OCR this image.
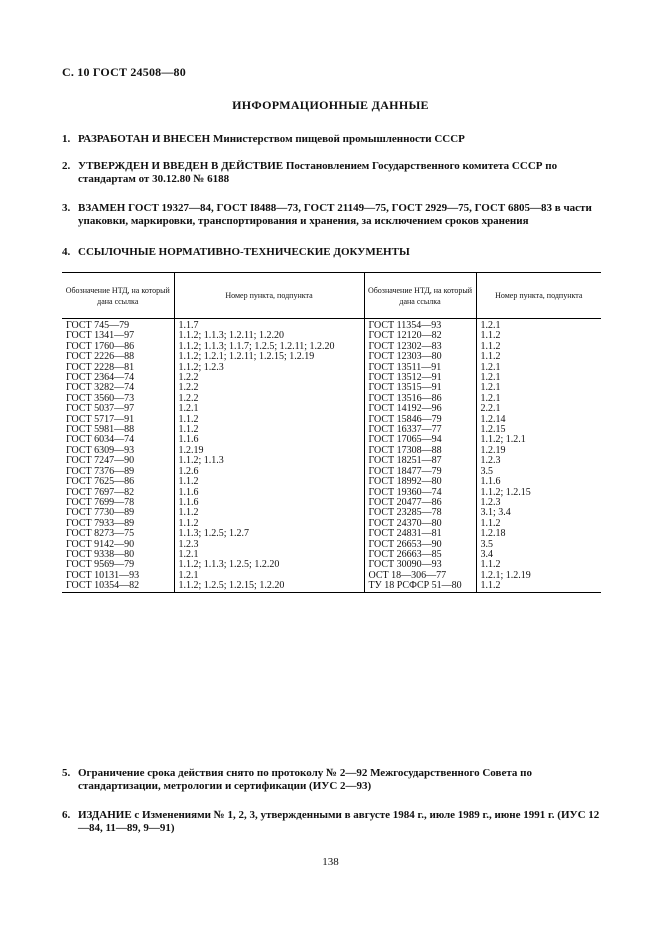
С. 10 ГОСТ 24508—80
ИНФОРМАЦИОННЫЕ ДАННЫЕ
1. РАЗРАБОТАН И ВНЕСЕН Министерством пищевой промышленности СССР
2. УТВЕРЖДЕН И ВВЕДЕН В ДЕЙСТВИЕ Постановлением Государственного комитета СССР по стандартам от 30.12.80 № 6188
3. ВЗАМЕН ГОСТ 19327—84, ГОСТ І8488—73, ГОСТ 21149—75, ГОСТ 2929—75, ГОСТ 6805—83 в части упаковки, маркировки, транспортирования и хранения, за исключением сроков хранения
4. ССЫЛОЧНЫЕ НОРМАТИВНО-ТЕХНИЧЕСКИЕ ДОКУМЕНТЫ
Обозначение НТД, на который дана ссылка	Номер пункта, подпункта	Обозначение НТД, на который дана ссылка	Номер пункта, подпункта
ГОСТ 745—79	1.1.7	ГОСТ 11354—93	1.2.1
ГОСТ 1341—97	1.1.2; 1.1.3; 1.2.11; 1.2.20	ГОСТ 12120—82	1.1.2
ГОСТ 1760—86	1.1.2; 1.1.3; 1.1.7; 1.2.5; 1.2.11; 1.2.20	ГОСТ 12302—83	1.1.2
ГОСТ 2226—88	1.1.2; 1.2.1; 1.2.11; 1.2.15; 1.2.19	ГОСТ 12303—80	1.1.2
ГОСТ 2228—81	1.1.2; 1.2.3	ГОСТ 13511—91	1.2.1
ГОСТ 2364—74	1.2.2	ГОСТ 13512—91	1.2.1
ГОСТ 3282—74	1.2.2	ГОСТ 13515—91	1.2.1
ГОСТ 3560—73	1.2.2	ГОСТ 13516—86	1.2.1
ГОСТ 5037—97	1.2.1	ГОСТ 14192—96	2.2.1
ГОСТ 5717—91	1.1.2	ГОСТ 15846—79	1.2.14
ГОСТ 5981—88	1.1.2	ГОСТ 16337—77	1.2.15
ГОСТ 6034—74	1.1.6	ГОСТ 17065—94	1.1.2; 1.2.1
ГОСТ 6309—93	1.2.19	ГОСТ 17308—88	1.2.19
ГОСТ 7247—90	1.1.2; 1.1.3	ГОСТ 18251—87	1.2.3
ГОСТ 7376—89	1.2.6	ГОСТ 18477—79	3.5
ГОСТ 7625—86	1.1.2	ГОСТ 18992—80	1.1.6
ГОСТ 7697—82	1.1.6	ГОСТ 19360—74	1.1.2; 1.2.15
ГОСТ 7699—78	1.1.6	ГОСТ 20477—86	1.2.3
ГОСТ 7730—89	1.1.2	ГОСТ 23285—78	3.1; 3.4
ГОСТ 7933—89	1.1.2	ГОСТ 24370—80	1.1.2
ГОСТ 8273—75	1.1.3; 1.2.5; 1.2.7	ГОСТ 24831—81	1.2.18
ГОСТ 9142—90	1.2.3	ГОСТ 26653—90	3.5
ГОСТ 9338—80	1.2.1	ГОСТ 26663—85	3.4
ГОСТ 9569—79	1.1.2; 1.1.3; 1.2.5; 1.2.20	ГОСТ 30090—93	1.1.2
ГОСТ 10131—93	1.2.1	ОСТ 18—306—77	1.2.1; 1.2.19
ГОСТ 10354—82	1.1.2; 1.2.5; 1.2.15; 1.2.20	ТУ 18 РСФСР 51—80	1.1.2
5. Ограничение срока действия снято по протоколу № 2—92 Межгосударственного Совета по стандартизации, метрологии и сертификации (ИУС 2—93)
6. ИЗДАНИЕ с Изменениями № 1, 2, 3, утвержденными в августе 1984 г., июле 1989 г., июне 1991 г. (ИУС 12—84, 11—89, 9—91)
138
